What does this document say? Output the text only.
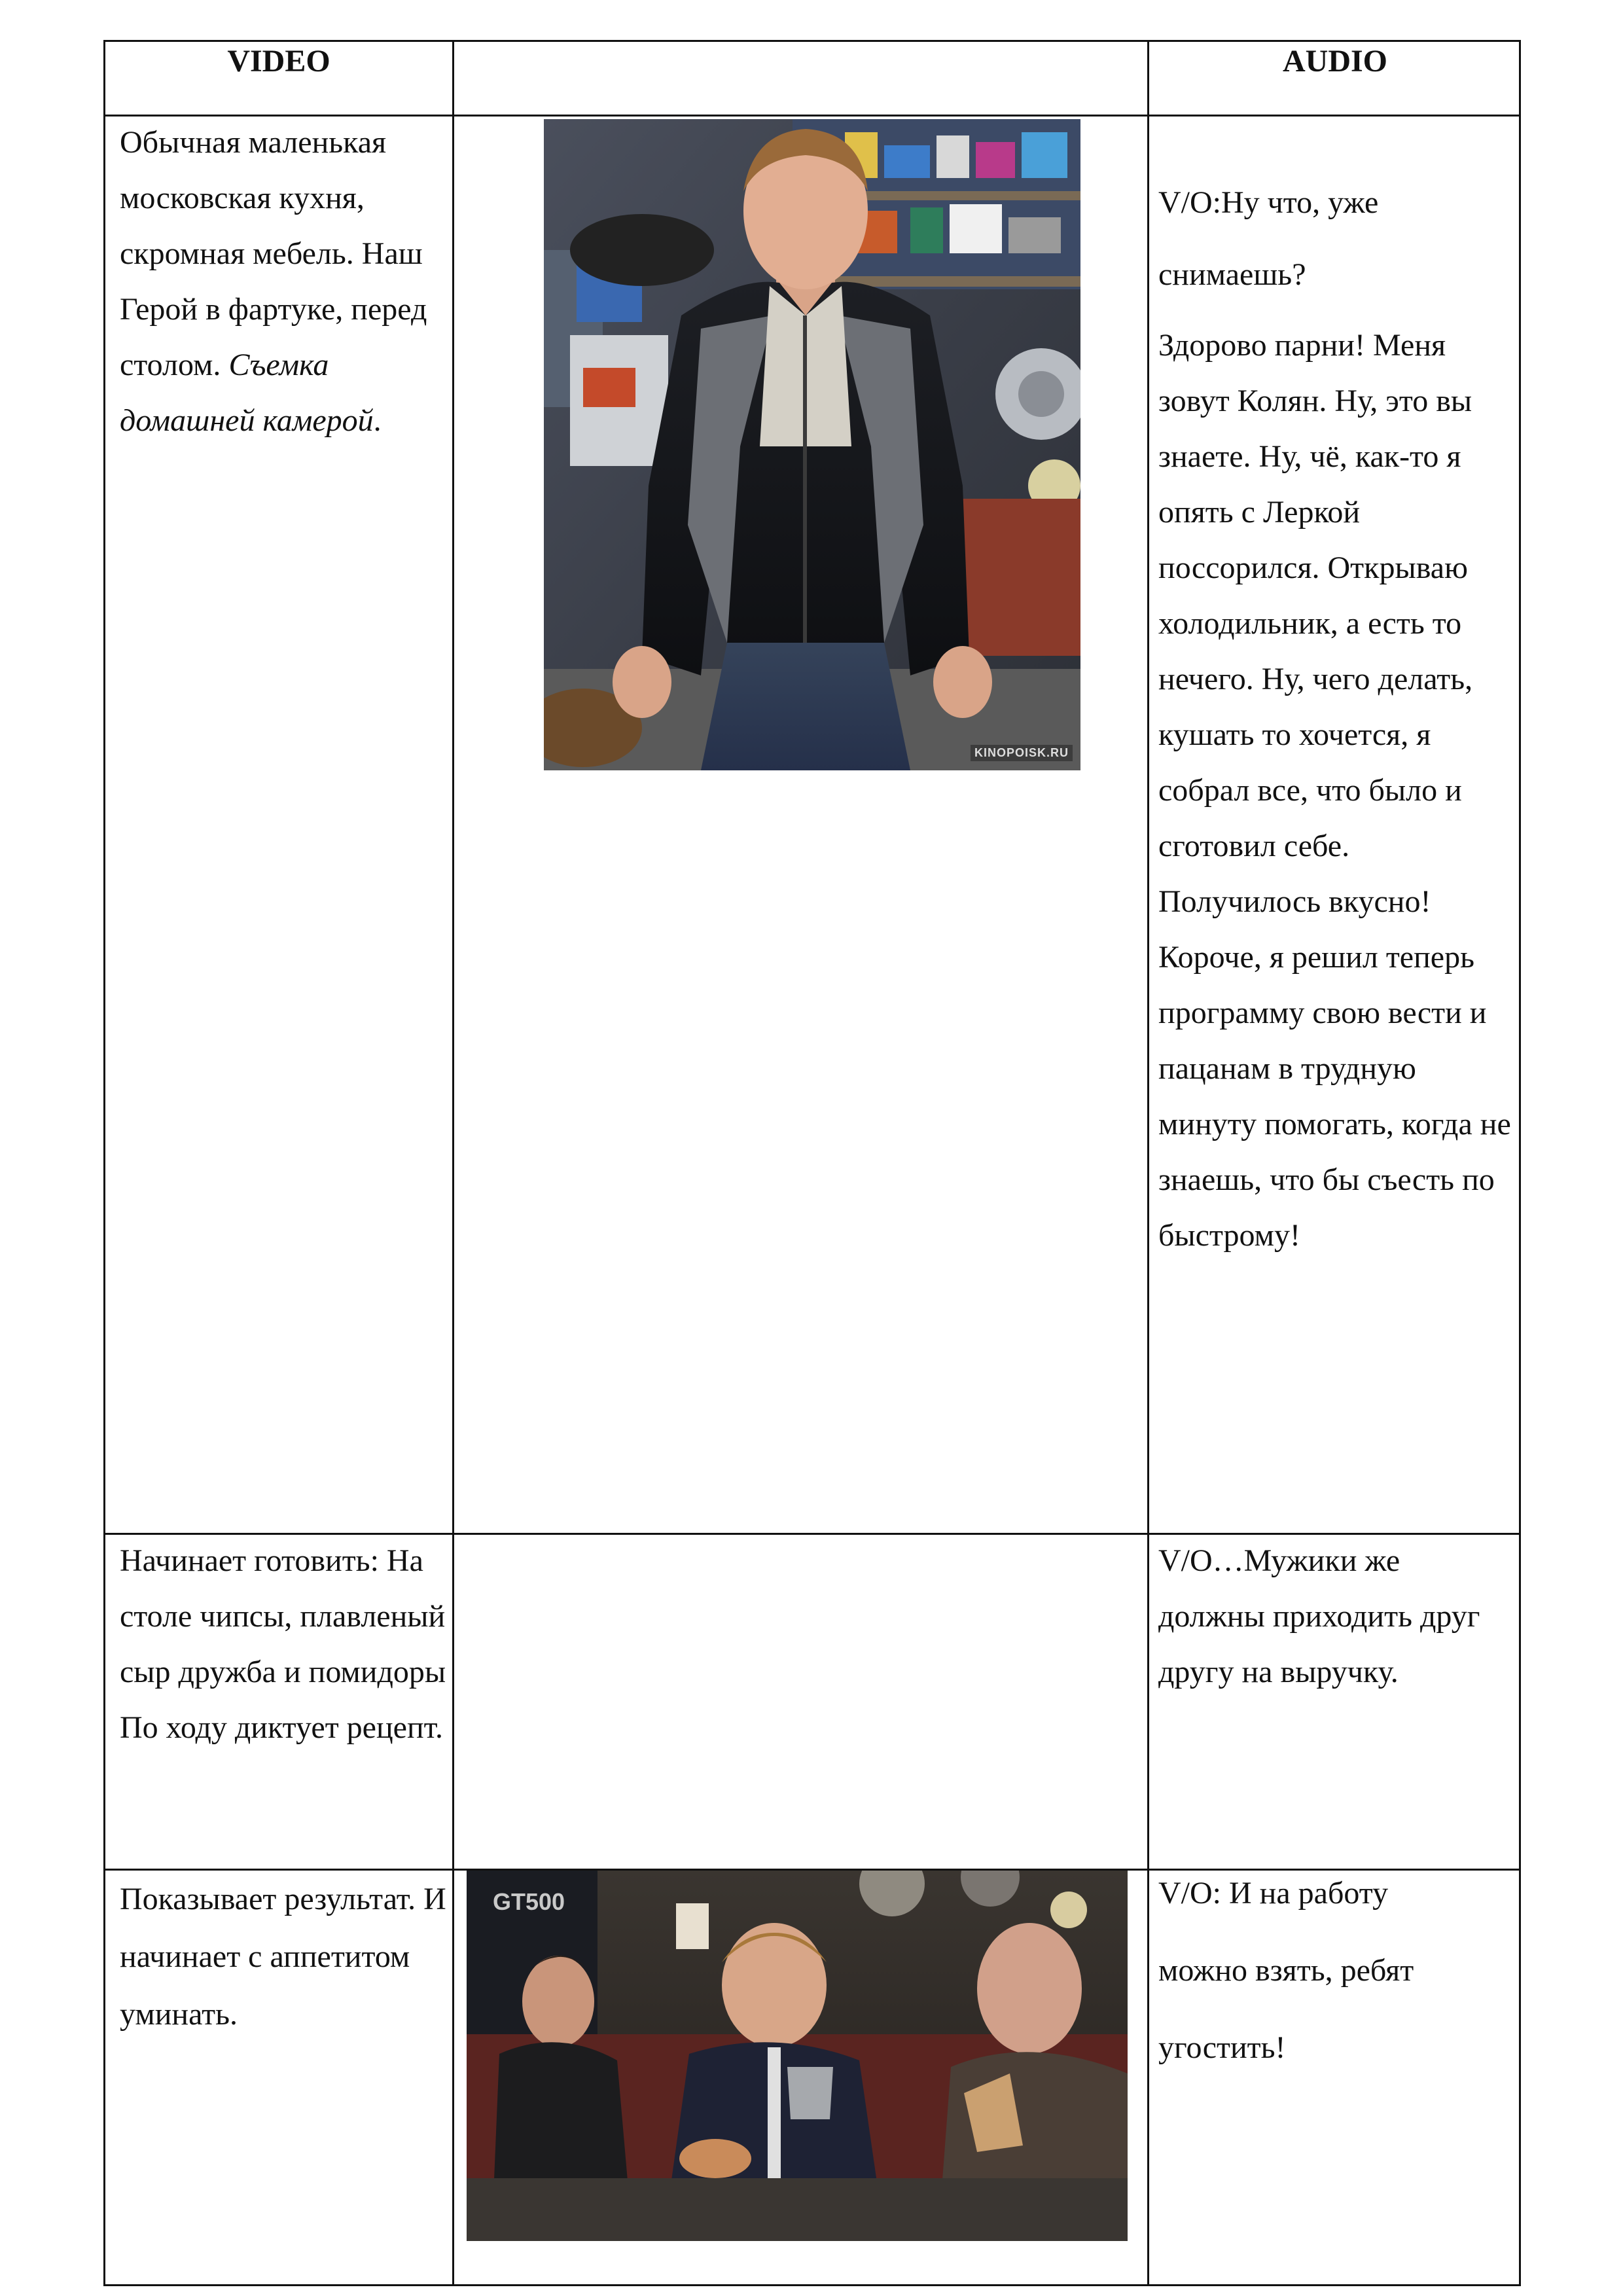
VIDEO	AUDIO
Обычная маленькая московская кухня, скромная мебель. Наш Герой в фартуке, перед столом. Съемка домашней камерой.
KINOPOISK.RU
V/O:Ну что, уже
снимаешь?
Здорово парни! Меня зовут Колян. Ну, это вы знаете. Ну, чё, как-то я опять с Леркой поссорился. Открываю холодильник, а есть то нечего. Ну, чего делать, кушать то хочется, я собрал все, что было и сготовил себе. Получилось вкусно!
Короче, я решил теперь программу свою вести и пацанам в трудную минуту помогать, когда не знаешь, что бы съесть по быстрому!
Начинает готовить: На столе чипсы, плавленый сыр дружба и помидоры По ходу диктует рецепт.
V/O…Мужики же должны приходить друг другу на выручку.
Показывает результат. И начинает с аппетитом уминать.
GT500	V/O: И на работу
можно взять, ребят
угостить!
